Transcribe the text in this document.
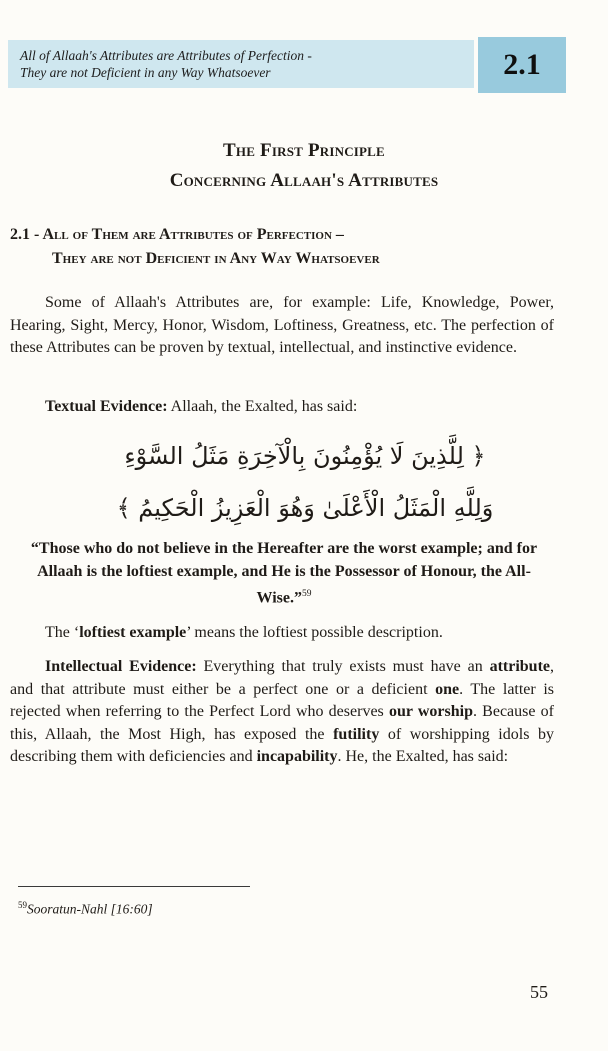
All of Allaah's Attributes are Attributes of Perfection -
They are not Deficient in any Way Whatsoever	2.1
The First Principle
Concerning Allaah's Attributes
2.1 - All of Them are Attributes of Perfection –
They are not Deficient in Any Way Whatsoever

Some of Allaah's Attributes are, for example: Life, Knowledge, Power, Hearing, Sight, Mercy, Honor, Wisdom, Loftiness, Greatness, etc. The perfection of these Attributes can be proven by textual, intellectual, and instinctive evidence.

Textual Evidence: Allaah, the Exalted, has said:

﴿ لِلَّذِينَ لَا يُؤْمِنُونَ بِالْآخِرَةِ مَثَلُ السَّوْءِ
وَلِلَّهِ الْمَثَلُ الْأَعْلَىٰ وَهُوَ الْعَزِيزُ الْحَكِيمُ ﴾
“Those who do not believe in the Hereafter are the worst example; and for Allaah is the loftiest example, and He is the Possessor of Honour, the All-Wise.”$^{59}$

The ‘loftiest example’ means the loftiest possible description.

Intellectual Evidence: Everything that truly exists must have an attribute, and that attribute must either be a perfect one or a deficient one. The latter is rejected when referring to the Perfect Lord who deserves our worship. Because of this, Allaah, the Most High, has exposed the futility of worshipping idols by describing them with deficiencies and incapability. He, the Exalted, has said:

$^{59}$Sooratun-Nahl [16:60]
55
